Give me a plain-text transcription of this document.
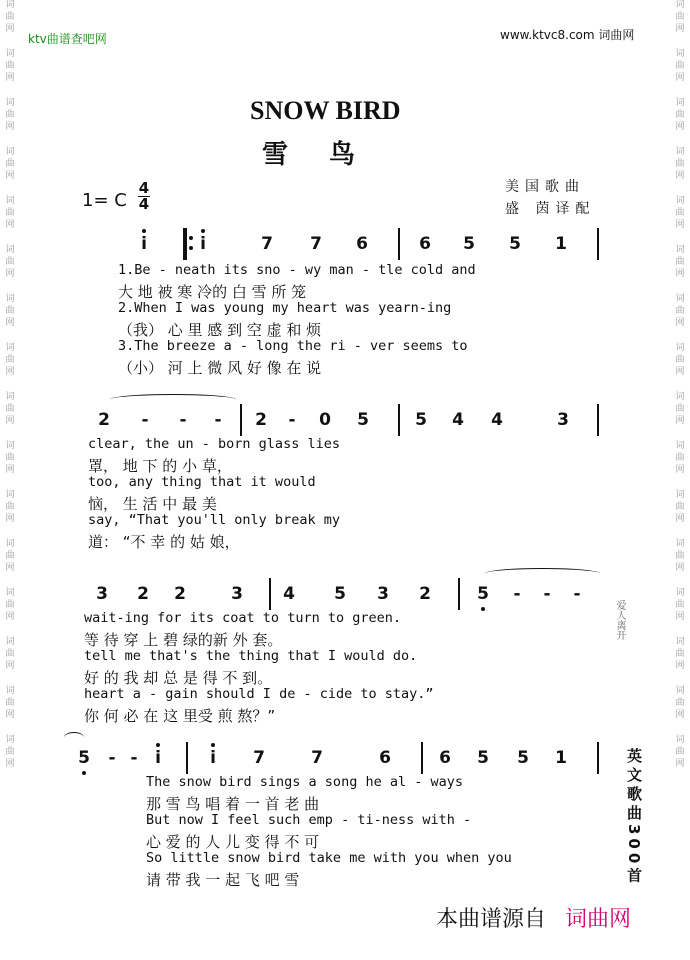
词
曲
网
词
曲
网
词
曲
网
词
曲
网
词
曲
网
词
曲
网
词
曲
网
词
曲
网
词
曲
网
词
曲
网
词
曲
网
词
曲
网
词
曲
网
词
曲
网
词
曲
网
词
曲
网
词
曲
网
词
曲
网
词
曲
网
词
曲
网
词
曲
网
词
曲
网
词
曲
网
词
曲
网
词
曲
网
词
曲
网
词
曲
网
词
曲
网
词
曲
网
词
曲
网
词
曲
网
词
曲
网
ktv曲谱查吧网	www.ktvc8.com 词曲网
SNOW BIRD
雪 鸟
1= C
4
4
美国歌曲
盛 茵译配
i	i	7 7 6	6 5 5 1
1.Be - neath its sno - wy man - tle cold and
大 地 被 寒 冷的 白 雪 所 笼
2.When I was young my heart was yearn-ing
（我） 心 里 感 到 空 虚 和 烦
3.The breeze a - long the ri - ver seems to
（小） 河 上 微 风 好 像 在 说
2	-	-	-	2	-	0 5	5 4 4	3
clear, the un - born glass lies
罩， 地 下 的 小 草，
too, any thing that it would
恼， 生 活 中 最 美
say, “That you'll only break my
道： “不 幸 的 姑 娘，
3 2 2	3 4 5 3 2	5	-	-	-
wait-ing for its coat to turn to green.
等 待 穿 上 碧 绿的新 外 套。
tell me that's the thing that I would do.
好 的 我 却 总 是 得 不 到。
heart a - gain should I de - cide to stay.”
你 何 必 在 这 里受 煎 熬？”
5	- -	i	i	7	7	6	6 5 5 1
The snow bird sings a song he al - ways
那 雪 鸟 唱 着 一 首 老 曲
But now I feel such emp - ti-ness with -
心 爱 的 人 儿 变 得 不 可
So little snow bird take me with you when you
请 带 我 一 起 飞 吧 雪	英文歌曲300首
爱人离开
本曲谱源自 词曲网
